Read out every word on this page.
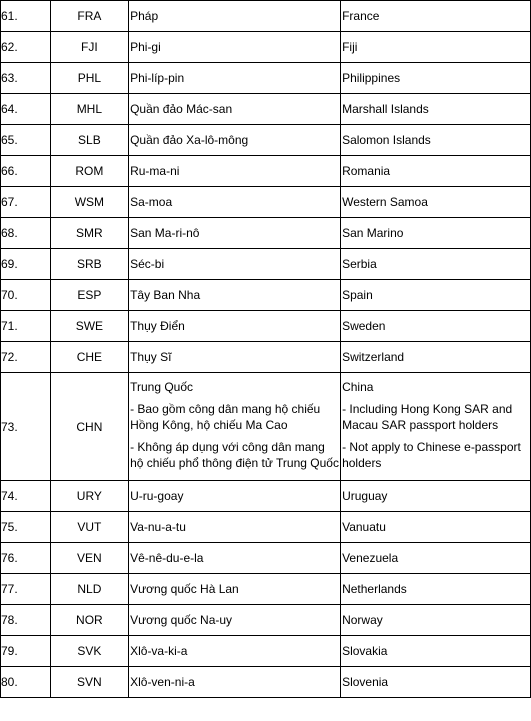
61.	FRA	Pháp	France
62.	FJI	Phi-gi	Fiji
63.	PHL	Phi-líp-pin	Philippines
64.	MHL	Quần đảo Mác-san	Marshall Islands
65.	SLB	Quần đảo Xa-lô-mông	Salomon Islands
66.	ROM	Ru-ma-ni	Romania
67.	WSM	Sa-moa	Western Samoa
68.	SMR	San Ma-ri-nô	San Marino
69.	SRB	Séc-bi	Serbia
70.	ESP	Tây Ban Nha	Spain
71.	SWE	Thụy Điển	Sweden
72.	CHE	Thụy Sĩ	Switzerland
73.	CHN	Trung Quốc
- Bao gồm công dân mang hộ chiếu
Hồng Kông, hộ chiếu Ma Cao
- Không áp dụng với công dân mang
hộ chiếu phổ thông điện tử Trung Quốc	China
- Including Hong Kong SAR and
Macau SAR passport holders
- Not apply to Chinese e-passport
holders

74.	URY	U-ru-goay	Uruguay
75.	VUT	Va-nu-a-tu	Vanuatu
76.	VEN	Vê-nê-du-e-la	Venezuela
77.	NLD	Vương quốc Hà Lan	Netherlands
78.	NOR	Vương quốc Na-uy	Norway
79.	SVK	Xlô-va-ki-a	Slovakia
80.	SVN	Xlô-ven-ni-a	Slovenia
